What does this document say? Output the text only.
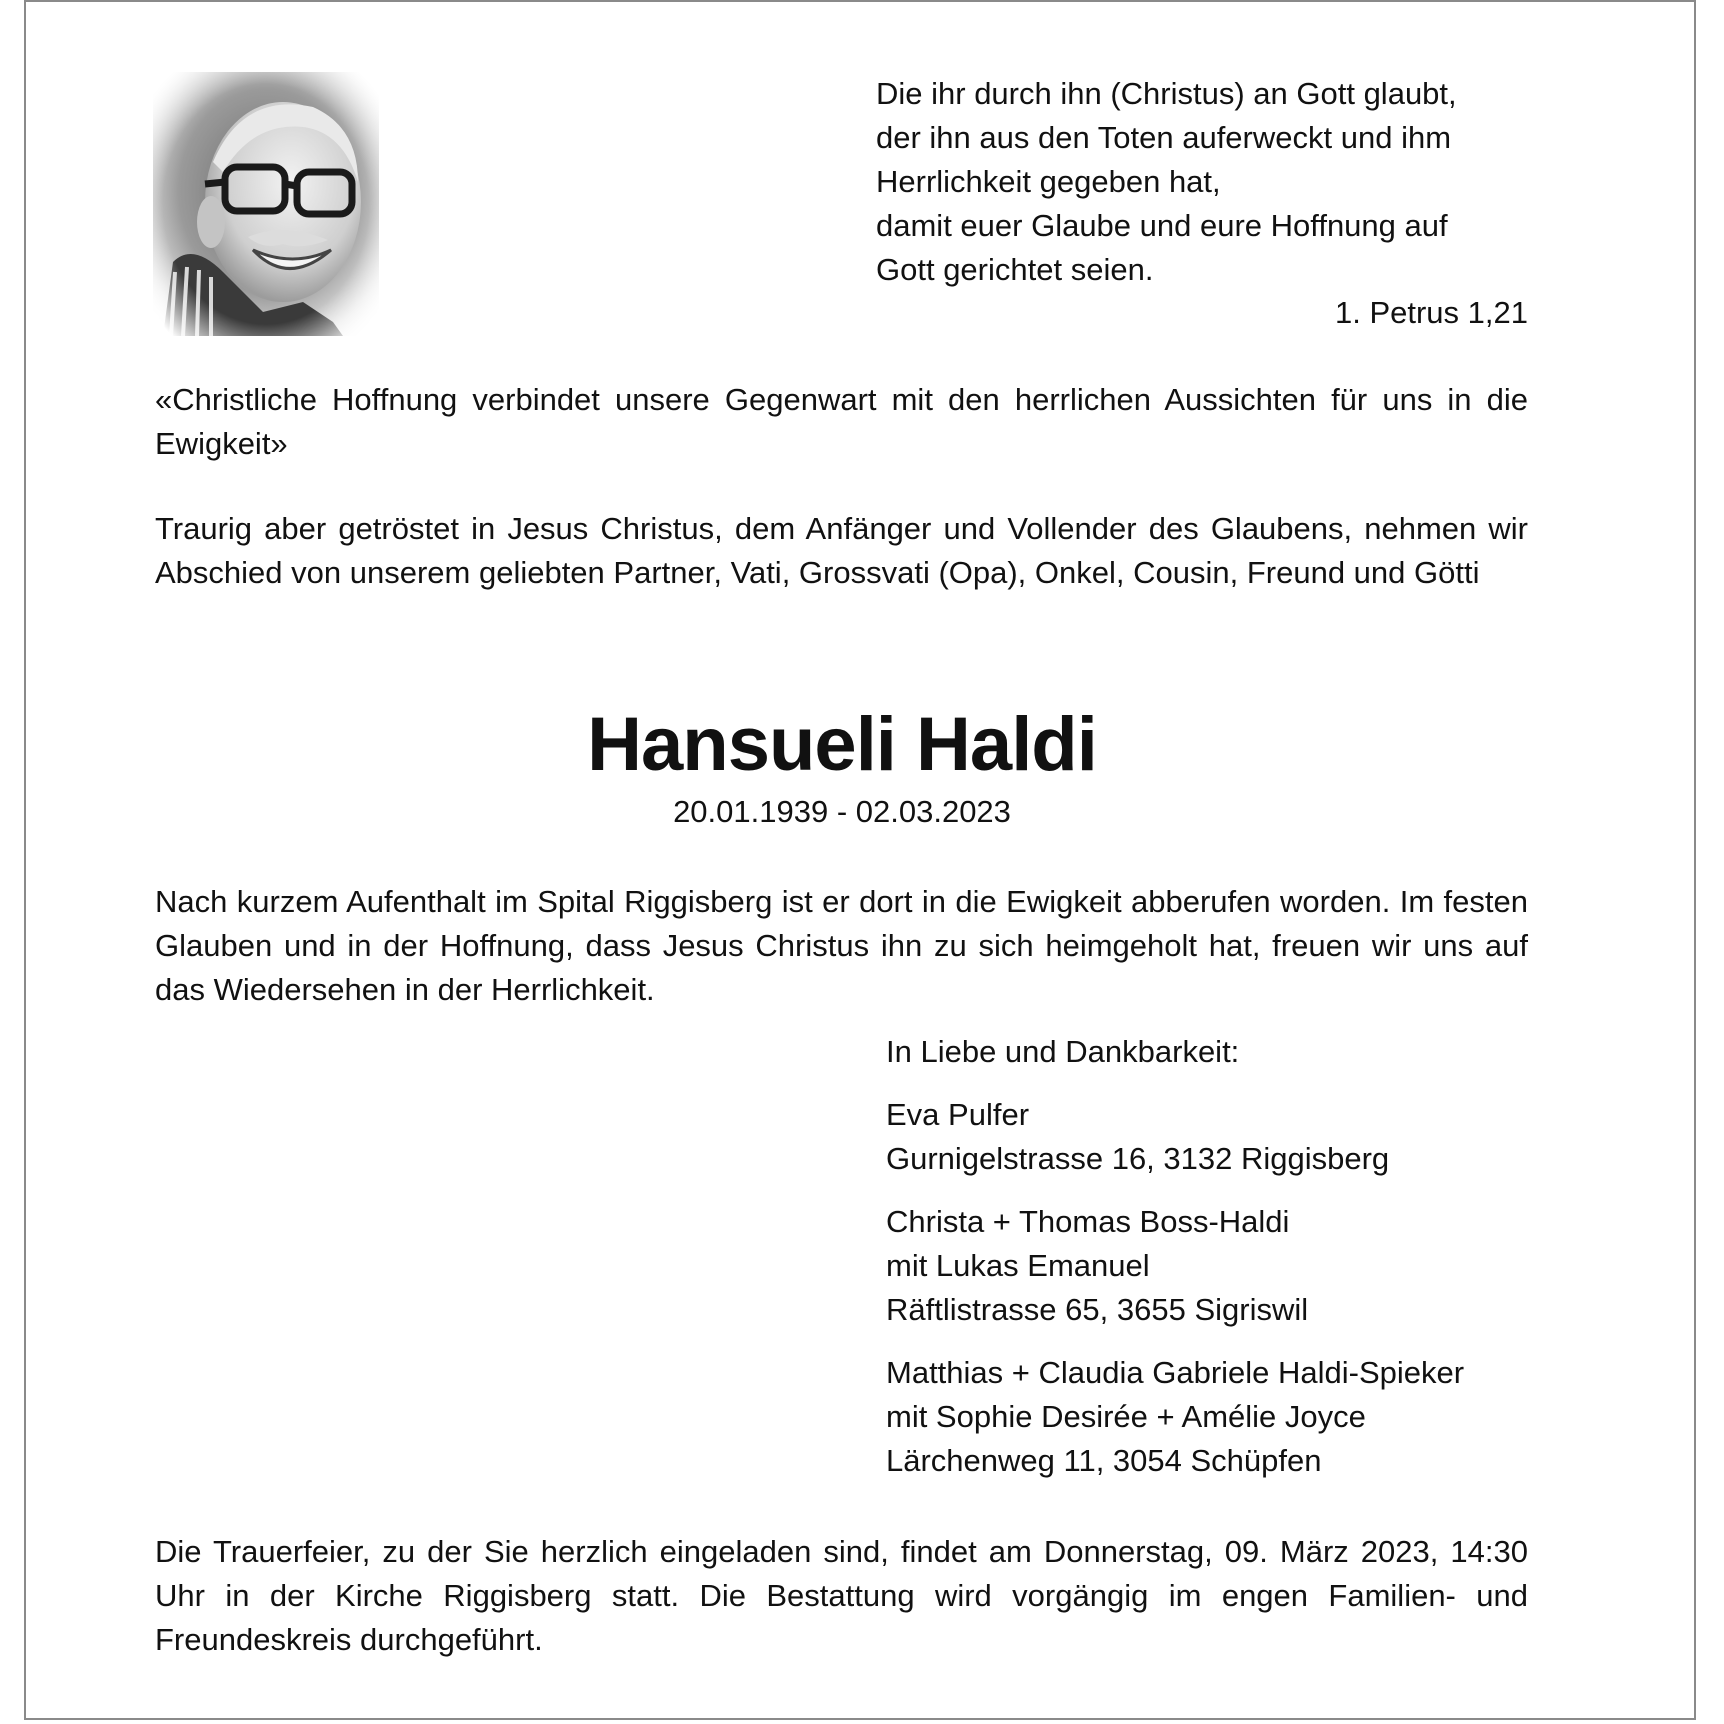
Die ihr durch ihn (Christus) an Gott glaubt,
der ihn aus den Toten auferweckt und ihm
Herrlichkeit gegeben hat,
damit euer Glaube und eure Hoffnung auf
Gott gerichtet seien.
1. Petrus 1,21
«Christliche Hoffnung verbindet unsere Gegenwart mit den herrlichen Aussichten für uns in die Ewigkeit»
Traurig aber getröstet in Jesus Christus, dem Anfänger und Vollender des Glaubens, nehmen wir Abschied von unserem geliebten Partner, Vati, Grossvati (Opa), Onkel, Cousin, Freund und Götti
Hansueli Haldi
20.01.1939 - 02.03.2023
Nach kurzem Aufenthalt im Spital Riggisberg ist er dort in die Ewigkeit abberufen worden. Im festen Glauben und in der Hoffnung, dass Jesus Christus ihn zu sich heimgeholt hat, freuen wir uns auf das Wiedersehen in der Herrlichkeit.
In Liebe und Dankbarkeit:
Eva Pulfer
Gurnigelstrasse 16, 3132 Riggisberg
Christa + Thomas Boss-Haldi
mit Lukas Emanuel
Räftlistrasse 65, 3655 Sigriswil
Matthias + Claudia Gabriele Haldi-Spieker
mit Sophie Desirée + Amélie Joyce
Lärchenweg 11, 3054 Schüpfen
Die Trauerfeier, zu der Sie herzlich eingeladen sind, findet am Donnerstag, 09. März 2023, 14:30 Uhr in der Kirche Riggisberg statt. Die Bestattung wird vorgängig im engen Familien- und Freundeskreis durchgeführt.
